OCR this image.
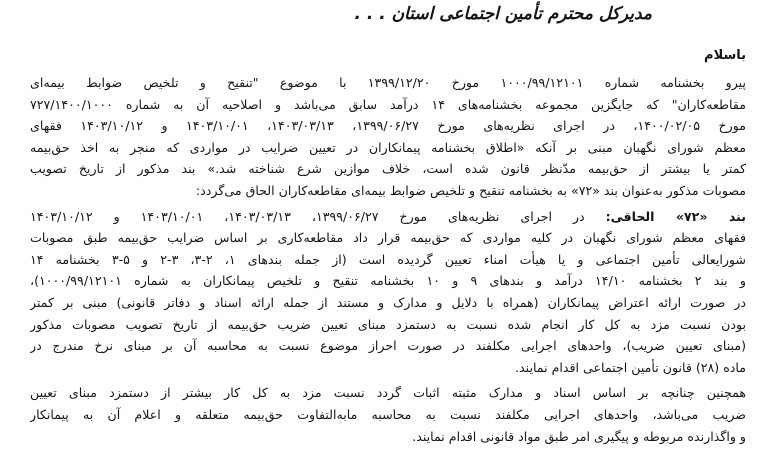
مدیرکل محترم تأمین اجتماعی استان . . .
باسلام
پیرو بخشنامه شماره ۱۰۰۰/۹۹/۱۲۱۰۱ مورخ ۱۳۹۹/۱۲/۲۰ با موضوع "تنقیح و تلخیص ضوابط بیمه‌ای
مقاطعه‌کاران" که جایگزین مجموعه بخشنامه‌های ۱۴ درآمد سابق می‌باشد و اصلاحیه آن به شماره ۷۲۷/۱۴۰۰/۱۰۰۰
مورخ ۱۴۰۰/۰۲/۰۵، در اجرای نظریه‌های مورخ ۱۳۹۹/۰۶/۲۷، ۱۴۰۳/۰۳/۱۳، ۱۴۰۳/۱۰/۰۱ و ۱۴۰۳/۱۰/۱۲ فقهای
معظم شورای نگهبان مبنی بر آنکه «اطلاق بخشنامه پیمانکاران در تعیین ضرایب در مواردی که منجر به اخذ حق‌بیمه
کمتر یا بیشتر از حق‌بیمه مدّنظر قانون شده است، خلاف موازین شرع شناخته شد.» بند مذکور از تاریخ تصویب
مصوبات مذکور به‌عنوان بند «۷۲» به بخشنامه تنقیح و تلخیص ضوابط بیمه‌ای مقاطعه‌کاران الحاق می‌گردد:
بند «۷۲» الحاقی: در اجرای نظریه‌های مورخ ۱۳۹۹/۰۶/۲۷، ۱۴۰۳/۰۳/۱۳، ۱۴۰۳/۱۰/۰۱ و ۱۴۰۳/۱۰/۱۲
فقهای معظم شورای نگهبان در کلیه مواردی که حق‌بیمه قرار داد مقاطعه‌کاری بر اساس ضرایب حق‌بیمه طبق مصوبات
شورایعالی تأمین اجتماعی و یا هیأت امناء تعیین گردیده است (از جمله بندهای ۱، ۲-۳، ۳-۲ و ۵-۳ بخشنامه ۱۴
و بند ۲ بخشنامه ۱۴/۱۰ درآمد و بندهای ۹ و ۱۰ بخشنامه تنقیح و تلخیص پیمانکاران به شماره ۱۰۰۰/۹۹/۱۲۱۰۱)،
در صورت ارائه اعتراض پیمانکاران (همراه با دلایل و مدارک و مستند از جمله ارائه اسناد و دفاتر قانونی) مبنی بر کمتر
بودن نسبت مزد به کل کار انجام شده نسبت به دستمزد مبنای تعیین ضریب حق‌بیمه از تاریخ تصویب مصوبات مذکور
(مبنای تعیین ضریب)، واحدهای اجرایی مکلفند در صورت احراز موضوع نسبت به محاسبه آن بر مبنای نرخ مندرج در
ماده (۲۸) قانون تأمین اجتماعی اقدام نمایند.
همچنین چنانچه بر اساس اسناد و مدارک مثبته اثبات گردد نسبت مزد به کل کار بیشتر از دستمزد مبنای تعیین
ضریب می‌باشد، واحدهای اجرایی مکلفند نسبت به محاسبه مابه‌التفاوت حق‌بیمه متعلقه و اعلام آن به پیمانکار
و واگذارنده مربوطه و پیگیری امر طبق مواد قانونی اقدام نمایند.
